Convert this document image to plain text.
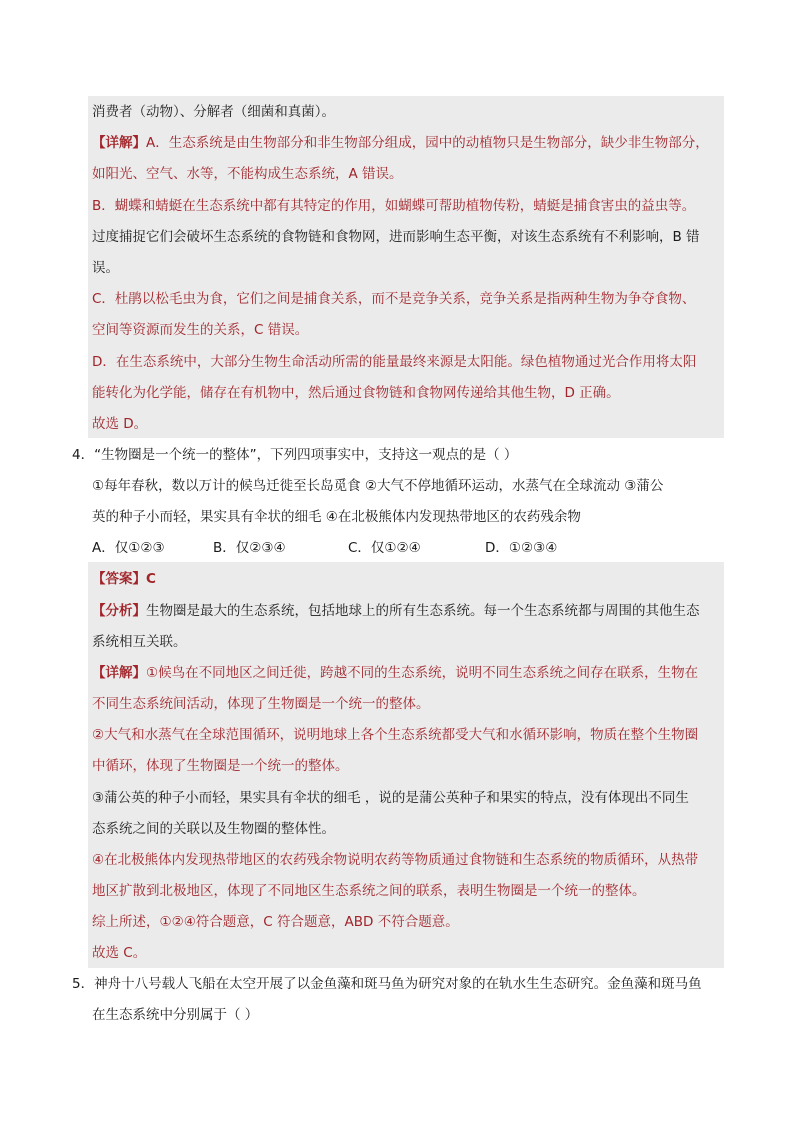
消费者（动物）、分解者（细菌和真菌）。
【详解】A．生态系统是由生物部分和非生物部分组成，园中的动植物只是生物部分，缺少非生物部分，
如阳光、空气、水等，不能构成生态系统，A 错误。
B．蝴蝶和蜻蜓在生态系统中都有其特定的作用，如蝴蝶可帮助植物传粉，蜻蜓是捕食害虫的益虫等。
过度捕捉它们会破坏生态系统的食物链和食物网，进而影响生态平衡，对该生态系统有不利影响，B 错
误。
C．杜鹃以松毛虫为食，它们之间是捕食关系，而不是竞争关系，竞争关系是指两种生物为争夺食物、
空间等资源而发生的关系，C 错误。
D．在生态系统中，大部分生物生命活动所需的能量最终来源是太阳能。绿色植物通过光合作用将太阳
能转化为化学能，储存在有机物中，然后通过食物链和食物网传递给其他生物，D 正确。
故选 D。
4．“生物圈是一个统一的整体”，下列四项事实中，支持这一观点的是（ ）
①每年春秋，数以万计的候鸟迁徙至长岛觅食 ②大气不停地循环运动，水蒸气在全球流动 ③蒲公
英的种子小而轻，果实具有伞状的细毛 ④在北极熊体内发现热带地区的农药残余物
A．仅①②③	B．仅②③④	C．仅①②④	D．①②③④
【答案】C
【分析】生物圈是最大的生态系统，包括地球上的所有生态系统。每一个生态系统都与周围的其他生态
系统相互关联。
【详解】①候鸟在不同地区之间迁徙，跨越不同的生态系统，说明不同生态系统之间存在联系，生物在
不同生态系统间活动，体现了生物圈是一个统一的整体。
②大气和水蒸气在全球范围循环，说明地球上各个生态系统都受大气和水循环影响，物质在整个生物圈
中循环，体现了生物圈是一个统一的整体。
③蒲公英的种子小而轻，果实具有伞状的细毛 ，说的是蒲公英种子和果实的特点，没有体现出不同生
态系统之间的关联以及生物圈的整体性。
④在北极熊体内发现热带地区的农药残余物说明农药等物质通过食物链和生态系统的物质循环，从热带
地区扩散到北极地区，体现了不同地区生态系统之间的联系，表明生物圈是一个统一的整体。
综上所述，①②④符合题意，C 符合题意，ABD 不符合题意。
故选 C。
5．神舟十八号载人飞船在太空开展了以金鱼藻和斑马鱼为研究对象的在轨水生生态研究。金鱼藻和斑马鱼
在生态系统中分别属于（ ）
